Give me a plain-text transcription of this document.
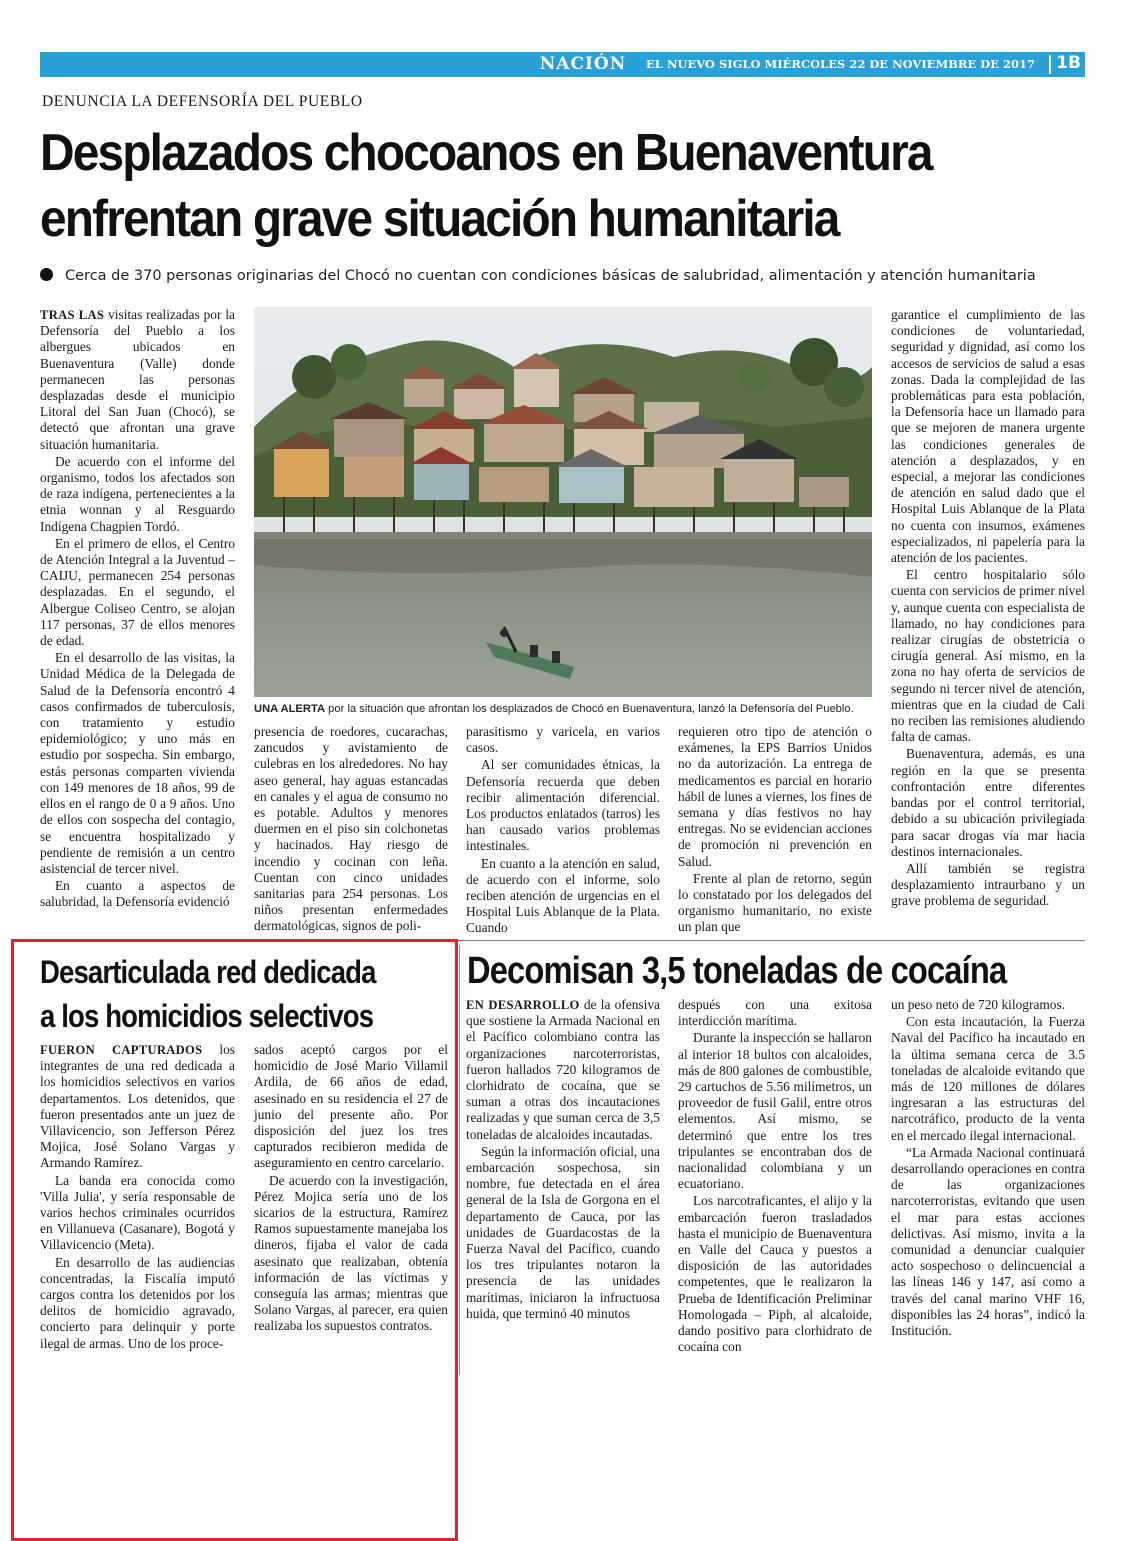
NACIÓN	EL NUEVO SIGLO MIÉRCOLES 22 DE NOVIEMBRE DE 2017 1B
DENUNCIA LA DEFENSORÍA DEL PUEBLO
Desplazados chocoanos en Buenaventura
enfrentan grave situación humanitaria
Cerca de 370 personas originarias del Chocó no cuentan con condiciones básicas de salubridad, alimentación y atención humanitaria

TRAS LAS visitas realizadas por la Defensoría del Pueblo a los albergues ubicados en Buenaventura (Valle) donde permanecen las personas desplazadas desde el municipio Litoral del San Juan (Chocó), se detectó que afrontan una grave situación humanitaria.

De acuerdo con el informe del organismo, todos los afectados son de raza indígena, pertenecientes a la etnia wonnan y al Resguardo Indígena Chagpien Tordó.

En el primero de ellos, el Centro de Atención Integral a la Juventud – CAIJU, permanecen 254 personas desplazadas. En el segundo, el Albergue Coliseo Centro, se alojan 117 personas, 37 de ellos menores de edad.

En el desarrollo de las visitas, la Unidad Médica de la Delegada de Salud de la Defensoría encontró 4 casos confirmados de tuberculosis, con tratamiento y estudio epidemiológico; y uno más en estudio por sospecha. Sin embargo, estás personas comparten vivienda con 149 menores de 18 años, 99 de ellos en el rango de 0 a 9 años. Uno de ellos con sospecha del contagio, se encuentra hospitalizado y pendiente de remisión a un centro asistencial de tercer nivel.

En cuanto a aspectos de salubridad, la Defensoría evidenció

UNA ALERTA por la situación que afrontan los desplazados de Chocó en Buenaventura, lanzó la Defensoría del Pueblo.

presencia de roedores, cucarachas, zancudos y avistamiento de culebras en los alrededores. No hay aseo general, hay aguas estancadas en canales y el agua de consumo no es potable. Adultos y menores duermen en el piso sin colchonetas y hacinados. Hay riesgo de incendio y cocinan con leña. Cuentan con cinco unidades sanitarias para 254 personas. Los niños presentan enfermedades dermatológicas, signos de poli-

parasitismo y varicela, en varios casos.

Al ser comunidades étnicas, la Defensoría recuerda que deben recibir alimentación diferencial. Los productos enlatados (tarros) les han causado varios problemas intestinales.

En cuanto a la atención en salud, de acuerdo con el informe, solo reciben atención de urgencias en el Hospital Luis Ablanque de la Plata. Cuando

requieren otro tipo de atención o exámenes, la EPS Barrios Unidos no da autorización. La entrega de medicamentos es parcial en horario hábil de lunes a viernes, los fines de semana y días festivos no hay entregas. No se evidencian acciones de promoción ni prevención en Salud.

Frente al plan de retorno, según lo constatado por los delegados del organismo humanitario, no existe un plan que

garantice el cumplimiento de las condiciones de voluntariedad, seguridad y dignidad, así como los accesos de servicios de salud a esas zonas. Dada la complejidad de las problemáticas para esta población, la Defensoría hace un llamado para que se mejoren de manera urgente las condiciones generales de atención a desplazados, y en especial, a mejorar las condiciones de atención en salud dado que el Hospital Luis Ablanque de la Plata no cuenta con insumos, exámenes especializados, ni papelería para la atención de los pacientes.

El centro hospitalario sólo cuenta con servicios de primer nivel y, aunque cuenta con especialista de llamado, no hay condiciones para realizar cirugías de obstetricia o cirugía general. Así mismo, en la zona no hay oferta de servicios de segundo ni tercer nivel de atención, mientras que en la ciudad de Cali no reciben las remisiones aludiendo falta de camas.

Buenaventura, además, es una región en la que se presenta confrontación entre diferentes bandas por el control territorial, debido a su ubicación privilegiada para sacar drogas vía mar hacia destinos internacionales.

Allí también se registra desplazamiento intraurbano y un grave problema de seguridad.

Desarticulada red dedicada
a los homicidios selectivos

FUERON CAPTURADOS los integrantes de una red dedicada a los homicidios selectivos en varios departamentos. Los detenidos, que fueron presentados ante un juez de Villavicencio, son Jefferson Pérez Mojica, José Solano Vargas y Armando Ramírez.

La banda era conocida como 'Villa Julia', y sería responsable de varios hechos criminales ocurridos en Villanueva (Casanare), Bogotá y Villavicencio (Meta).

En desarrollo de las audiencias concentradas, la Fiscalía imputó cargos contra los detenidos por los delitos de homicidio agravado, concierto para delinquir y porte ilegal de armas. Uno de los proce-

sados aceptó cargos por el homicidio de José Mario Villamil Ardila, de 66 años de edad, asesinado en su residencia el 27 de junio del presente año. Por disposición del juez los tres capturados recibieron medida de aseguramiento en centro carcelario.

De acuerdo con la investigación, Pérez Mojica sería uno de los sicarios de la estructura, Ramírez Ramos supuestamente manejaba los dineros, fijaba el valor de cada asesinato que realizaban, obtenía información de las víctimas y conseguía las armas; mientras que Solano Vargas, al parecer, era quien realizaba los supuestos contratos.

Decomisan 3,5 toneladas de cocaína

EN DESARROLLO de la ofensiva que sostiene la Armada Nacional en el Pacífico colombiano contra las organizaciones narcoterroristas, fueron hallados 720 kilogramos de clorhidrato de cocaína, que se suman a otras dos incautaciones realizadas y que suman cerca de 3,5 toneladas de alcaloides incautadas.

Según la información oficial, una embarcación sospechosa, sin nombre, fue detectada en el área general de la Isla de Gorgona en el departamento de Cauca, por las unidades de Guardacostas de la Fuerza Naval del Pacífico, cuando los tres tripulantes notaron la presencia de las unidades marítimas, iniciaron la infructuosa huida, que terminó 40 minutos

después con una exitosa interdicción marítima.

Durante la inspección se hallaron al interior 18 bultos con alcaloides, más de 800 galones de combustible, 29 cartuchos de 5.56 milímetros, un proveedor de fusil Galil, entre otros elementos. Así mismo, se determinó que entre los tres tripulantes se encontraban dos de nacionalidad colombiana y un ecuatoriano.

Los narcotraficantes, el alijo y la embarcación fueron trasladados hasta el municipio de Buenaventura en Valle del Cauca y puestos a disposición de las autoridades competentes, que le realizaron la Prueba de Identificación Preliminar Homologada – Piph, al alcaloide, dando positivo para clorhidrato de cocaína con

un peso neto de 720 kilogramos.

Con esta incautación, la Fuerza Naval del Pacífico ha incautado en la última semana cerca de 3.5 toneladas de alcaloide evitando que más de 120 millones de dólares ingresaran a las estructuras del narcotráfico, producto de la venta en el mercado ilegal internacional.

“La Armada Nacional continuará desarrollando operaciones en contra de las organizaciones narcoterroristas, evitando que usen el mar para estas acciones delictivas. Así mismo, invita a la comunidad a denunciar cualquier acto sospechoso o delincuencial a las líneas 146 y 147, así como a través del canal marino VHF 16, disponibles las 24 horas”, indicó la Institución.
